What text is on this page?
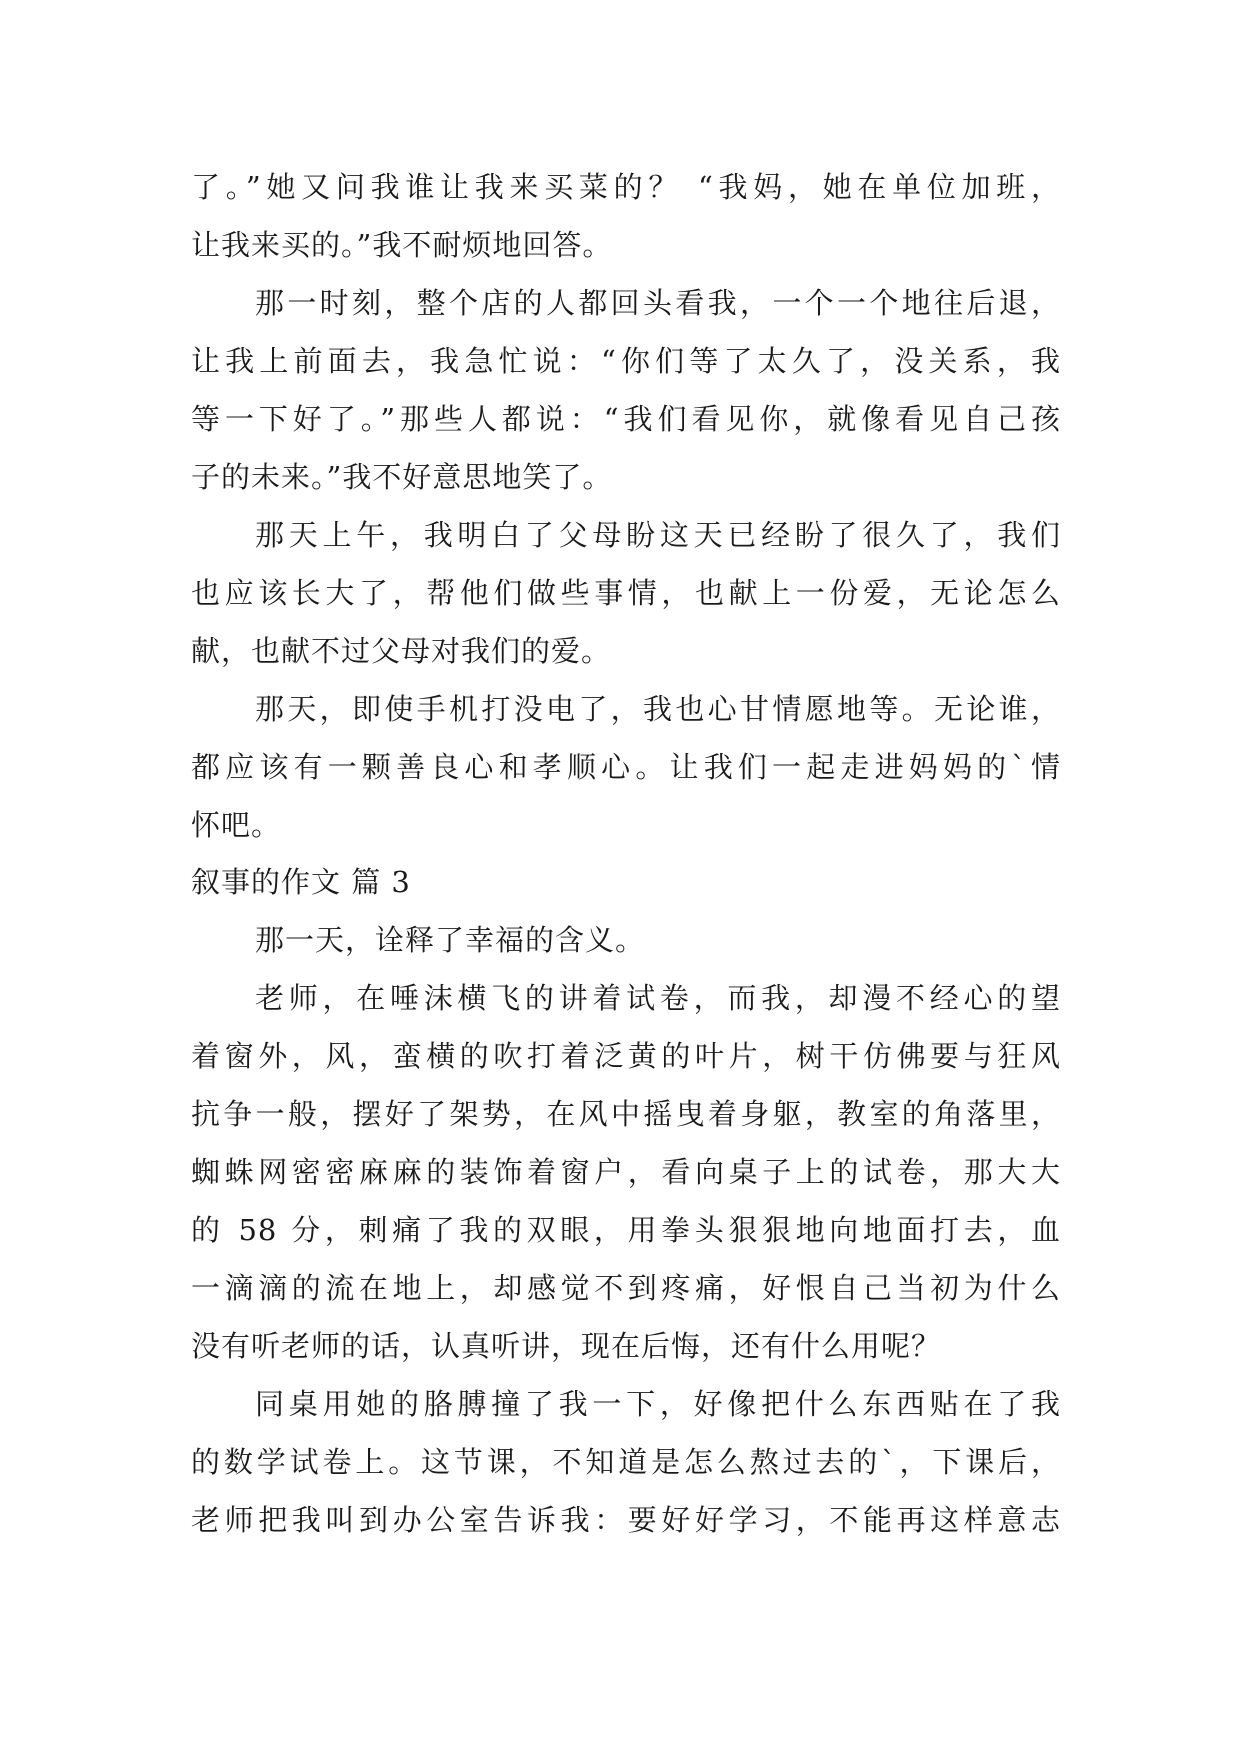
了。”她又问我谁让我来买菜的？ “我妈，她在单位加班，
让我来买的。”我不耐烦地回答。
那一时刻，整个店的人都回头看我，一个一个地往后退，
让我上前面去，我急忙说：“你们等了太久了，没关系，我
等一下好了。”那些人都说：“我们看见你，就像看见自己孩
子的未来。”我不好意思地笑了。
那天上午，我明白了父母盼这天已经盼了很久了，我们
也应该长大了，帮他们做些事情，也献上一份爱，无论怎么
献，也献不过父母对我们的爱。
那天，即使手机打没电了，我也心甘情愿地等。无论谁，
都应该有一颗善良心和孝顺心。让我们一起走进妈妈的`情
怀吧。
叙事的作文 篇 3
那一天，诠释了幸福的含义。
老师，在唾沫横飞的讲着试卷，而我，却漫不经心的望
着窗外，风，蛮横的吹打着泛黄的叶片，树干仿佛要与狂风
抗争一般，摆好了架势，在风中摇曳着身躯，教室的角落里，
蜘蛛网密密麻麻的装饰着窗户，看向桌子上的试卷，那大大
的 58 分，刺痛了我的双眼，用拳头狠狠地向地面打去，血
一滴滴的流在地上，却感觉不到疼痛，好恨自己当初为什么
没有听老师的话，认真听讲，现在后悔，还有什么用呢？
同桌用她的胳膊撞了我一下，好像把什么东西贴在了我
的数学试卷上。这节课，不知道是怎么熬过去的`，下课后，
老师把我叫到办公室告诉我：要好好学习，不能再这样意志
